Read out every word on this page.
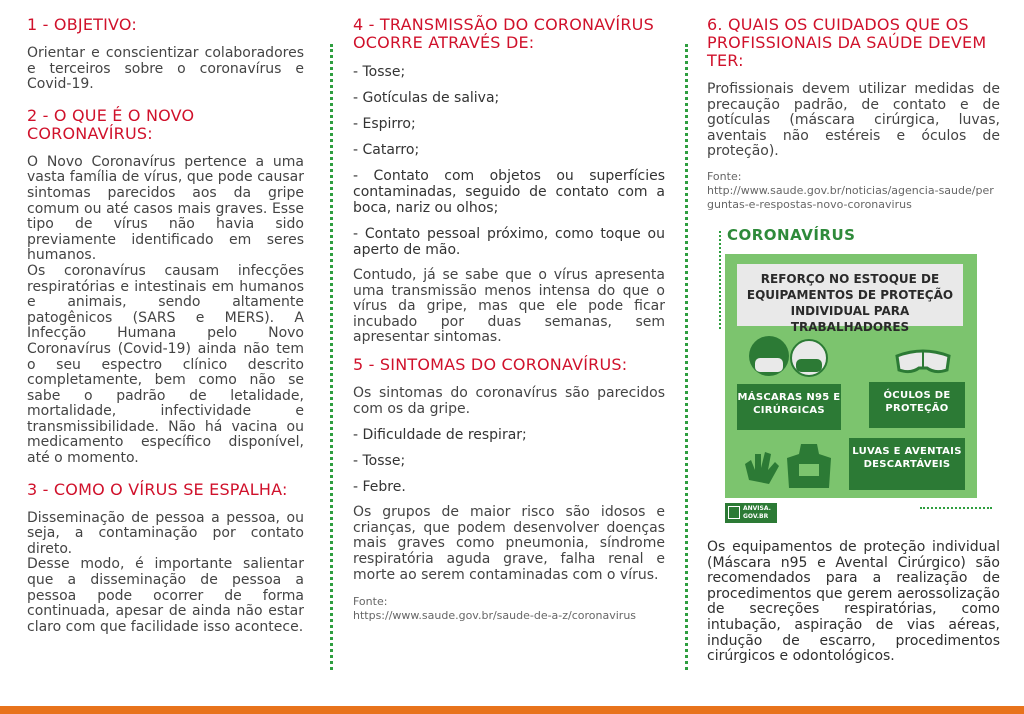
1 - OBJETIVO:

Orientar e conscientizar colaboradores e terceiros sobre o coronavírus e Covid-19.

2 - O QUE É O NOVO CORONAVÍRUS:

O Novo Coronavírus pertence a uma vasta família de vírus, que pode causar sintomas parecidos aos da gripe comum ou até casos mais graves. Esse tipo de vírus não havia sido previamente identificado em seres humanos.

Os coronavírus causam infecções respiratórias e intestinais em humanos e animais, sendo altamente patogênicos (SARS e MERS). A Infecção Humana pelo Novo Coronavírus (Covid-19) ainda não tem o seu espectro clínico descrito completamente, bem como não se sabe o padrão de letalidade, mortalidade, infectividade e transmissibilidade. Não há vacina ou medicamento específico disponível, até o momento.

3 - COMO O VÍRUS SE ESPALHA:

Disseminação de pessoa a pessoa, ou seja, a contaminação por contato direto.

Desse modo, é importante salientar que a disseminação de pessoa a pessoa pode ocorrer de forma continuada, apesar de ainda não estar claro com que facilidade isso acontece.

4 - TRANSMISSÃO DO CORONAVÍRUS OCORRE ATRAVÉS DE:
- Tosse;
- Gotículas de saliva;
- Espirro;
- Catarro;
- Contato com objetos ou superfícies contaminadas, seguido de contato com a boca, nariz ou olhos;
- Contato pessoal próximo, como toque ou aperto de mão.

Contudo, já se sabe que o vírus apresenta uma transmissão menos intensa do que o vírus da gripe, mas que ele pode ficar incubado por duas semanas, sem apresentar sintomas.

5 - SINTOMAS DO CORONAVÍRUS:

Os sintomas do coronavírus são parecidos com os da gripe.

- Dificuldade de respirar;
- Tosse;
- Febre.

Os grupos de maior risco são idosos e crianças, que podem desenvolver doenças mais graves como pneumonia, síndrome respiratória aguda grave, falha renal e morte ao serem contaminadas com o vírus.

Fonte:
https://www.saude.gov.br/saude-de-a-z/coronavirus
6. QUAIS OS CUIDADOS QUE OS PROFISSIONAIS DA SAÚDE DEVEM TER:

Profissionais devem utilizar medidas de precaução padrão, de contato e de gotículas (máscara cirúrgica, luvas, aventais não estéreis e óculos de proteção).

Fonte:
http://www.saude.gov.br/noticias/agencia-saude/perguntas-e-respostas-novo-coronavirus
CORONAVÍRUS
REFORÇO NO ESTOQUE DE EQUIPAMENTOS DE PROTEÇÃO INDIVIDUAL PARA TRABALHADORES
MÁSCARAS N95 E CIRÚRGICAS
ÓCULOS DE PROTEÇÃO
LUVAS E AVENTAIS DESCARTÁVEIS
ANVISA. GOV.BR

Os equipamentos de proteção individual (Máscara n95 e Avental Cirúrgico) são recomendados para a realização de procedimentos que gerem aerossolização de secreções respiratórias, como intubação, aspiração de vias aéreas, indução de escarro, procedimentos cirúrgicos e odontológicos.
